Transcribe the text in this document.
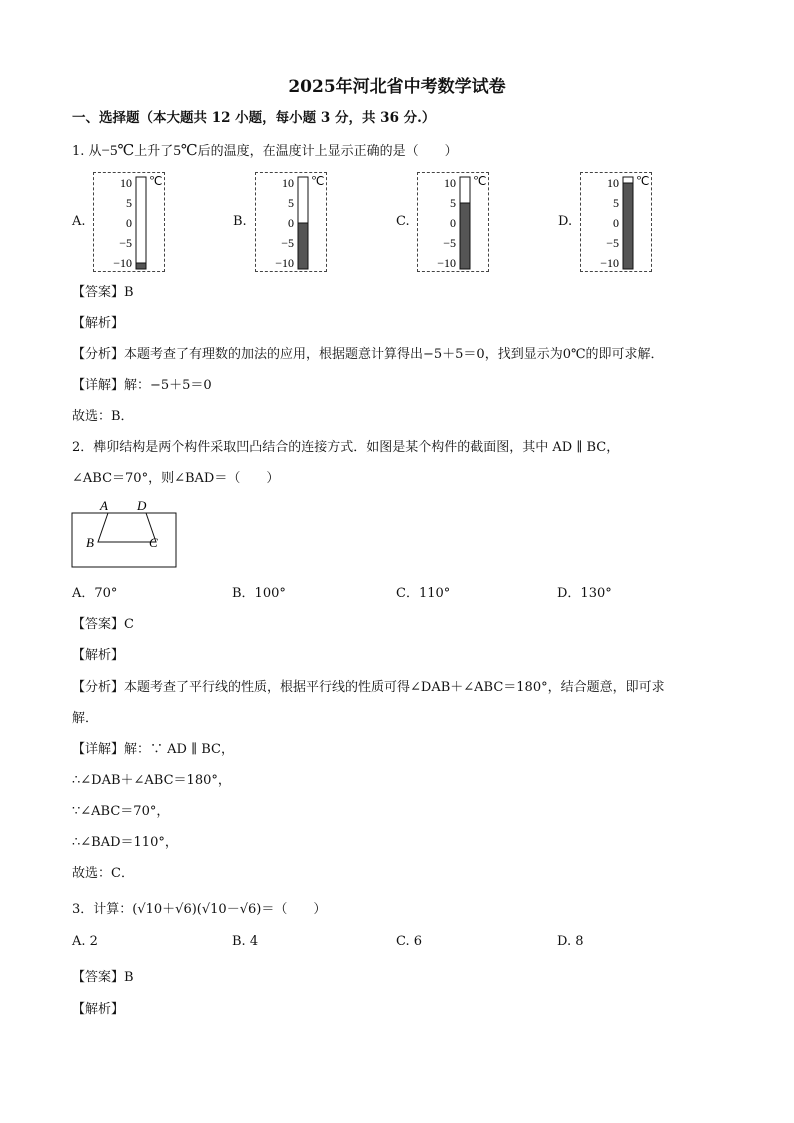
2025年河北省中考数学试卷
一、选择题（本大题共 12 小题，每小题 3 分，共 36 分.）
1. 从−5℃上升了5℃后的温度，在温度计上显示正确的是（　　）
A.
10
5
0
−5
−10
℃
B.
10
5
0
−5
−10
℃
C.
10
5
0
−5
−10
℃
D.
10
5
0
−5
−10
℃
【答案】B
【解析】
【分析】本题考查了有理数的加法的应用，根据题意计算得出−5＋5＝0，找到显示为0℃的即可求解．
【详解】解：−5＋5＝0
故选：B．
2．榫卯结构是两个构件采取凹凸结合的连接方式．如图是某个构件的截面图，其中 AD ∥ BC，
∠ABC＝70°，则∠BAD＝（　　）
A D
B	C
A．70°	B．100°	C．110°	D．130°
【答案】C
【解析】
【分析】本题考查了平行线的性质，根据平行线的性质可得∠DAB＋∠ABC＝180°，结合题意，即可求
解．
【详解】解：∵ AD ∥ BC，
∴∠DAB＋∠ABC＝180°，
∵∠ABC＝70°，
∴∠BAD＝110°，
故选：C．
3．计算：(√10＋√6)(√10－√6)＝（　　）
A. 2	B. 4	C. 6	D. 8
【答案】B
【解析】
